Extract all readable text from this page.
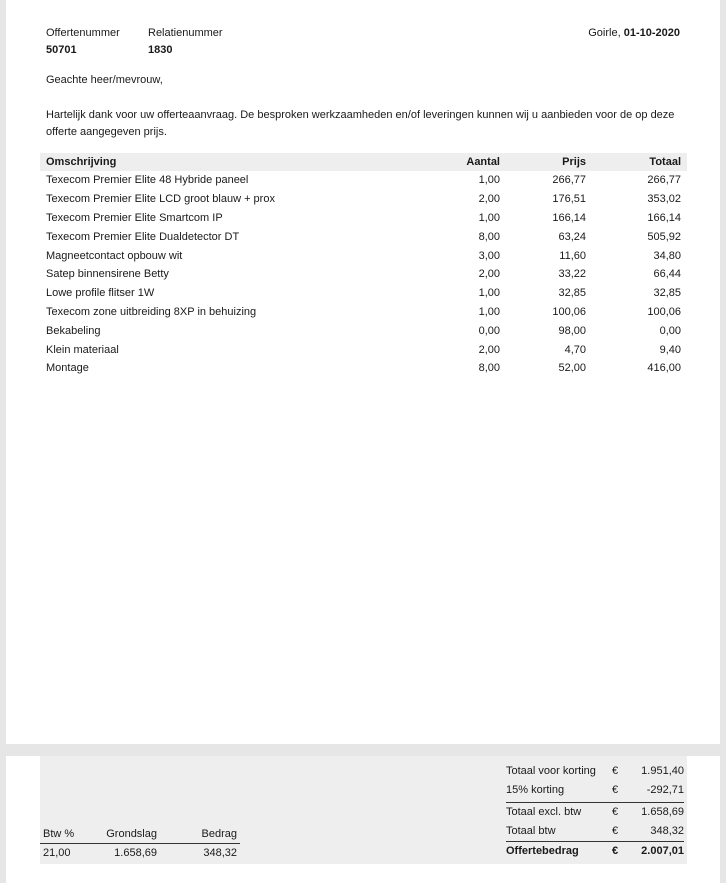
Offertenummer
50701
Relatienummer
1830
Goirle, 01-10-2020
Geachte heer/mevrouw,
Hartelijk dank voor uw offerteaanvraag. De besproken werkzaamheden en/of leveringen kunnen wij u aanbieden voor de op deze offerte aangegeven prijs.
Omschrijving	Aantal	Prijs	Totaal
Texecom Premier Elite 48 Hybride paneel	1,00	266,77	266,77
Texecom Premier Elite LCD groot blauw + prox	2,00	176,51	353,02
Texecom Premier Elite Smartcom IP	1,00	166,14	166,14
Texecom Premier Elite Dualdetector DT	8,00	63,24	505,92
Magneetcontact opbouw wit	3,00	11,60	34,80
Satep binnensirene Betty	2,00	33,22	66,44
Lowe profile flitser 1W	1,00	32,85	32,85
Texecom zone uitbreiding 8XP in behuizing	1,00	100,06	100,06
Bekabeling	0,00	98,00	0,00
Klein materiaal	2,00	4,70	9,40
Montage	8,00	52,00	416,00
Btw %	Grondslag	Bedrag
21,00	1.658,69	348,32
Totaal voor korting	€	1.951,40
15% korting	€	-292,71
Totaal excl. btw	€	1.658,69
Totaal btw	€	348,32
Offertebedrag	€	2.007,01
